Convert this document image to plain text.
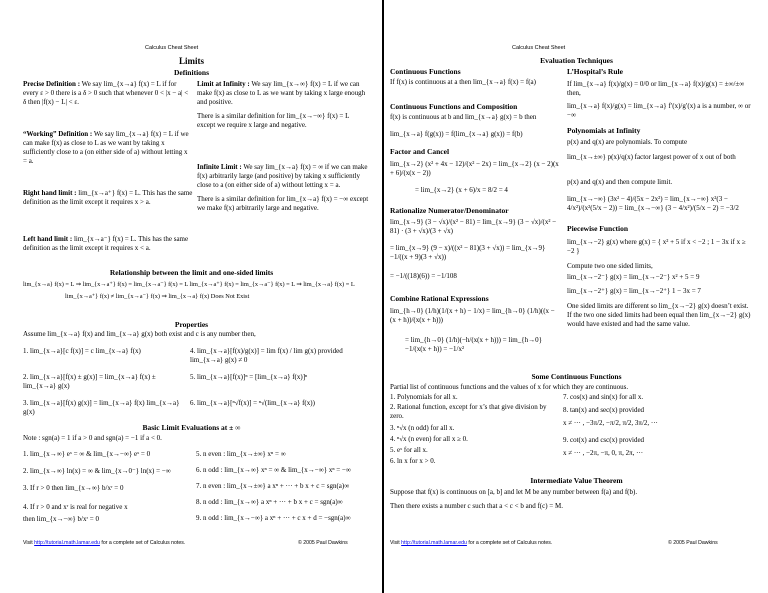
Calculus Cheat Sheet
Limits
Definitions
Precise Definition : We say lim_{x→a} f(x) = L if for every ε > 0 there is a δ > 0 such that whenever 0 < |x − a| < δ then |f(x) − L| < ε.
“Working” Definition : We say lim_{x→a} f(x) = L if we can make f(x) as close to L as we want by taking x sufficiently close to a (on either side of a) without letting x = a.
Right hand limit : lim_{x→a⁺} f(x) = L. This has the same definition as the limit except it requires x > a.
Left hand limit : lim_{x→a⁻} f(x) = L. This has the same definition as the limit except it requires x < a.
Limit at Infinity : We say lim_{x→∞} f(x) = L if we can make f(x) as close to L as we want by taking x large enough and positive.
There is a similar definition for lim_{x→−∞} f(x) = L except we require x large and negative.
Infinite Limit : We say lim_{x→a} f(x) = ∞ if we can make f(x) arbitrarily large (and positive) by taking x sufficiently close to a (on either side of a) without letting x = a.
There is a similar definition for lim_{x→a} f(x) = −∞ except we make f(x) arbitrarily large and negative.
Relationship between the limit and one-sided limits
lim_{x→a} f(x) = L ⇒ lim_{x→a⁺} f(x) = lim_{x→a⁻} f(x) = L lim_{x→a⁺} f(x) = lim_{x→a⁻} f(x) = L ⇒ lim_{x→a} f(x) = L
lim_{x→a⁺} f(x) ≠ lim_{x→a⁻} f(x) ⇒ lim_{x→a} f(x) Does Not Exist
Properties
Assume lim_{x→a} f(x) and lim_{x→a} g(x) both exist and c is any number then,
1. lim_{x→a}[c f(x)] = c lim_{x→a} f(x)
2. lim_{x→a}[f(x) ± g(x)] = lim_{x→a} f(x) ± lim_{x→a} g(x)
3. lim_{x→a}[f(x) g(x)] = lim_{x→a} f(x) lim_{x→a} g(x)
4. lim_{x→a}[f(x)/g(x)] = lim f(x) / lim g(x) provided lim_{x→a} g(x) ≠ 0
5. lim_{x→a}[f(x)]ⁿ = [lim_{x→a} f(x)]ⁿ
6. lim_{x→a}[ⁿ√f(x)] = ⁿ√(lim_{x→a} f(x))
Basic Limit Evaluations at ± ∞
Note : sgn(a) = 1 if a > 0 and sgn(a) = −1 if a < 0.
1. lim_{x→∞} eˣ = ∞ & lim_{x→−∞} eˣ = 0
2. lim_{x→∞} ln(x) = ∞ & lim_{x→0⁻} ln(x) = −∞
3. If r > 0 then lim_{x→∞} b/xʳ = 0
4. If r > 0 and xʳ is real for negative x
then lim_{x→−∞} b/xʳ = 0
5. n even : lim_{x→±∞} xⁿ = ∞
6. n odd : lim_{x→∞} xⁿ = ∞ & lim_{x→−∞} xⁿ = −∞
7. n even : lim_{x→±∞} a xⁿ + ··· + b x + c = sgn(a)∞
8. n odd : lim_{x→∞} a xⁿ + ··· + b x + c = sgn(a)∞
9. n odd : lim_{x→−∞} a xⁿ + ··· + c x + d = −sgn(a)∞
Visit http://tutorial.math.lamar.edu for a complete set of Calculus notes.	© 2005 Paul Dawkins
Calculus Cheat Sheet
Evaluation Techniques
Continuous Functions
If f(x) is continuous at a then lim_{x→a} f(x) = f(a)
Continuous Functions and Composition
f(x) is continuous at b and lim_{x→a} g(x) = b then
lim_{x→a} f(g(x)) = f(lim_{x→a} g(x)) = f(b)
Factor and Cancel
lim_{x→2} (x² + 4x − 12)/(x² − 2x) = lim_{x→2} (x − 2)(x + 6)/(x(x − 2))
= lim_{x→2} (x + 6)/x = 8/2 = 4
Rationalize Numerator/Denominator
lim_{x→9} (3 − √x)/(x² − 81) = lim_{x→9} (3 − √x)/(x² − 81) · (3 + √x)/(3 + √x)
= lim_{x→9} (9 − x)/((x² − 81)(3 + √x)) = lim_{x→9} −1/((x + 9)(3 + √x))
= −1/((18)(6)) = −1/108
Combine Rational Expressions
lim_{h→0} (1/h)(1/(x + h) − 1/x) = lim_{h→0} (1/h)((x − (x + h))/(x(x + h)))
= lim_{h→0} (1/h)(−h/(x(x + h))) = lim_{h→0} −1/(x(x + h)) = −1/x²
L’Hospital’s Rule
If lim_{x→a} f(x)/g(x) = 0/0 or lim_{x→a} f(x)/g(x) = ±∞/±∞ then,
lim_{x→a} f(x)/g(x) = lim_{x→a} f′(x)/g′(x) a is a number, ∞ or −∞
Polynomials at Infinity
p(x) and q(x) are polynomials. To compute
lim_{x→±∞} p(x)/q(x) factor largest power of x out of both
p(x) and q(x) and then compute limit.
lim_{x→−∞} (3x² − 4)/(5x − 2x²) = lim_{x→−∞} x²(3 − 4/x²)/(x²(5/x − 2)) = lim_{x→−∞} (3 − 4/x²)/(5/x − 2) = −3/2
Piecewise Function
lim_{x→−2} g(x) where g(x) = { x² + 5 if x < −2 ; 1 − 3x if x ≥ −2 }
Compute two one sided limits,
lim_{x→−2⁻} g(x) = lim_{x→−2⁻} x² + 5 = 9
lim_{x→−2⁺} g(x) = lim_{x→−2⁺} 1 − 3x = 7
One sided limits are different so lim_{x→−2} g(x) doesn’t exist. If the two one sided limits had been equal then lim_{x→−2} g(x) would have existed and had the same value.
Some Continuous Functions
Partial list of continuous functions and the values of x for which they are continuous.
1. Polynomials for all x.
2. Rational function, except for x’s that give division by zero.
3. ⁿ√x (n odd) for all x.
4. ⁿ√x (n even) for all x ≥ 0.
5. eˣ for all x.
6. ln x for x > 0.
7. cos(x) and sin(x) for all x.
8. tan(x) and sec(x) provided
x ≠ ··· , −3π/2, −π/2, π/2, 3π/2, ···
9. cot(x) and csc(x) provided
x ≠ ··· , −2π, −π, 0, π, 2π, ···
Intermediate Value Theorem
Suppose that f(x) is continuous on [a, b] and let M be any number between f(a) and f(b).
Then there exists a number c such that a < c < b and f(c) = M.
Visit http://tutorial.math.lamar.edu for a complete set of Calculus notes.	© 2005 Paul Dawkins
